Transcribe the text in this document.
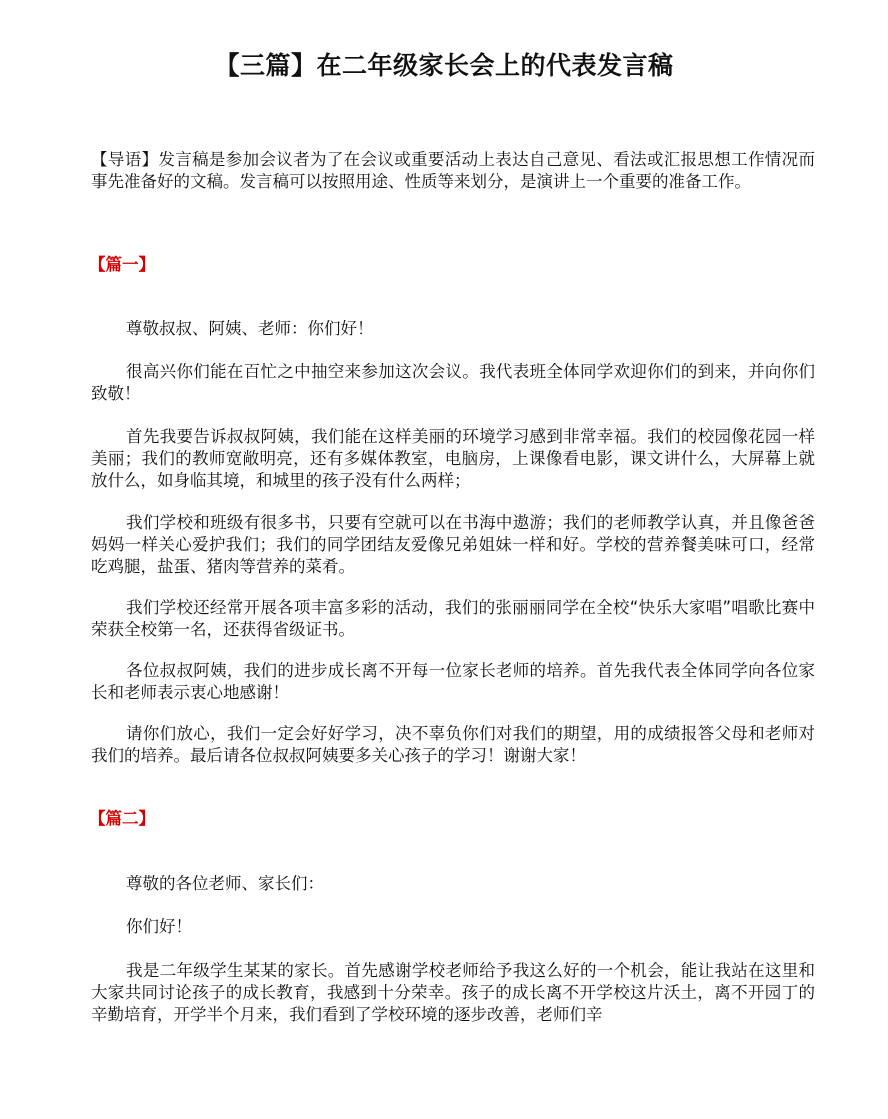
【三篇】在二年级家长会上的代表发言稿

【导语】发言稿是参加会议者为了在会议或重要活动上表达自己意见、看法或汇报思想工作情况而事先准备好的文稿。发言稿可以按照用途、性质等来划分，是演讲上一个重要的准备工作。

【篇一】

尊敬叔叔、阿姨、老师：你们好！

很高兴你们能在百忙之中抽空来参加这次会议。我代表班全体同学欢迎你们的到来，并向你们致敬！

首先我要告诉叔叔阿姨，我们能在这样美丽的环境学习感到非常幸福。我们的校园像花园一样美丽；我们的教师宽敞明亮，还有多媒体教室，电脑房，上课像看电影，课文讲什么，大屏幕上就放什么，如身临其境，和城里的孩子没有什么两样；

我们学校和班级有很多书，只要有空就可以在书海中遨游；我们的老师教学认真，并且像爸爸妈妈一样关心爱护我们；我们的同学团结友爱像兄弟姐妹一样和好。学校的营养餐美味可口，经常吃鸡腿，盐蛋、猪肉等营养的菜肴。

我们学校还经常开展各项丰富多彩的活动，我们的张丽丽同学在全校“快乐大家唱”唱歌比赛中荣获全校第一名，还获得省级证书。

各位叔叔阿姨，我们的进步成长离不开每一位家长老师的培养。首先我代表全体同学向各位家长和老师表示衷心地感谢！

请你们放心，我们一定会好好学习，决不辜负你们对我们的期望，用的成绩报答父母和老师对我们的培养。最后请各位叔叔阿姨要多关心孩子的学习！谢谢大家！

【篇二】

尊敬的各位老师、家长们：

你们好！

我是二年级学生某某的家长。首先感谢学校老师给予我这么好的一个机会，能让我站在这里和大家共同讨论孩子的成长教育，我感到十分荣幸。孩子的成长离不开学校这片沃土，离不开园丁的辛勤培育，开学半个月来，我们看到了学校环境的逐步改善，老师们辛
